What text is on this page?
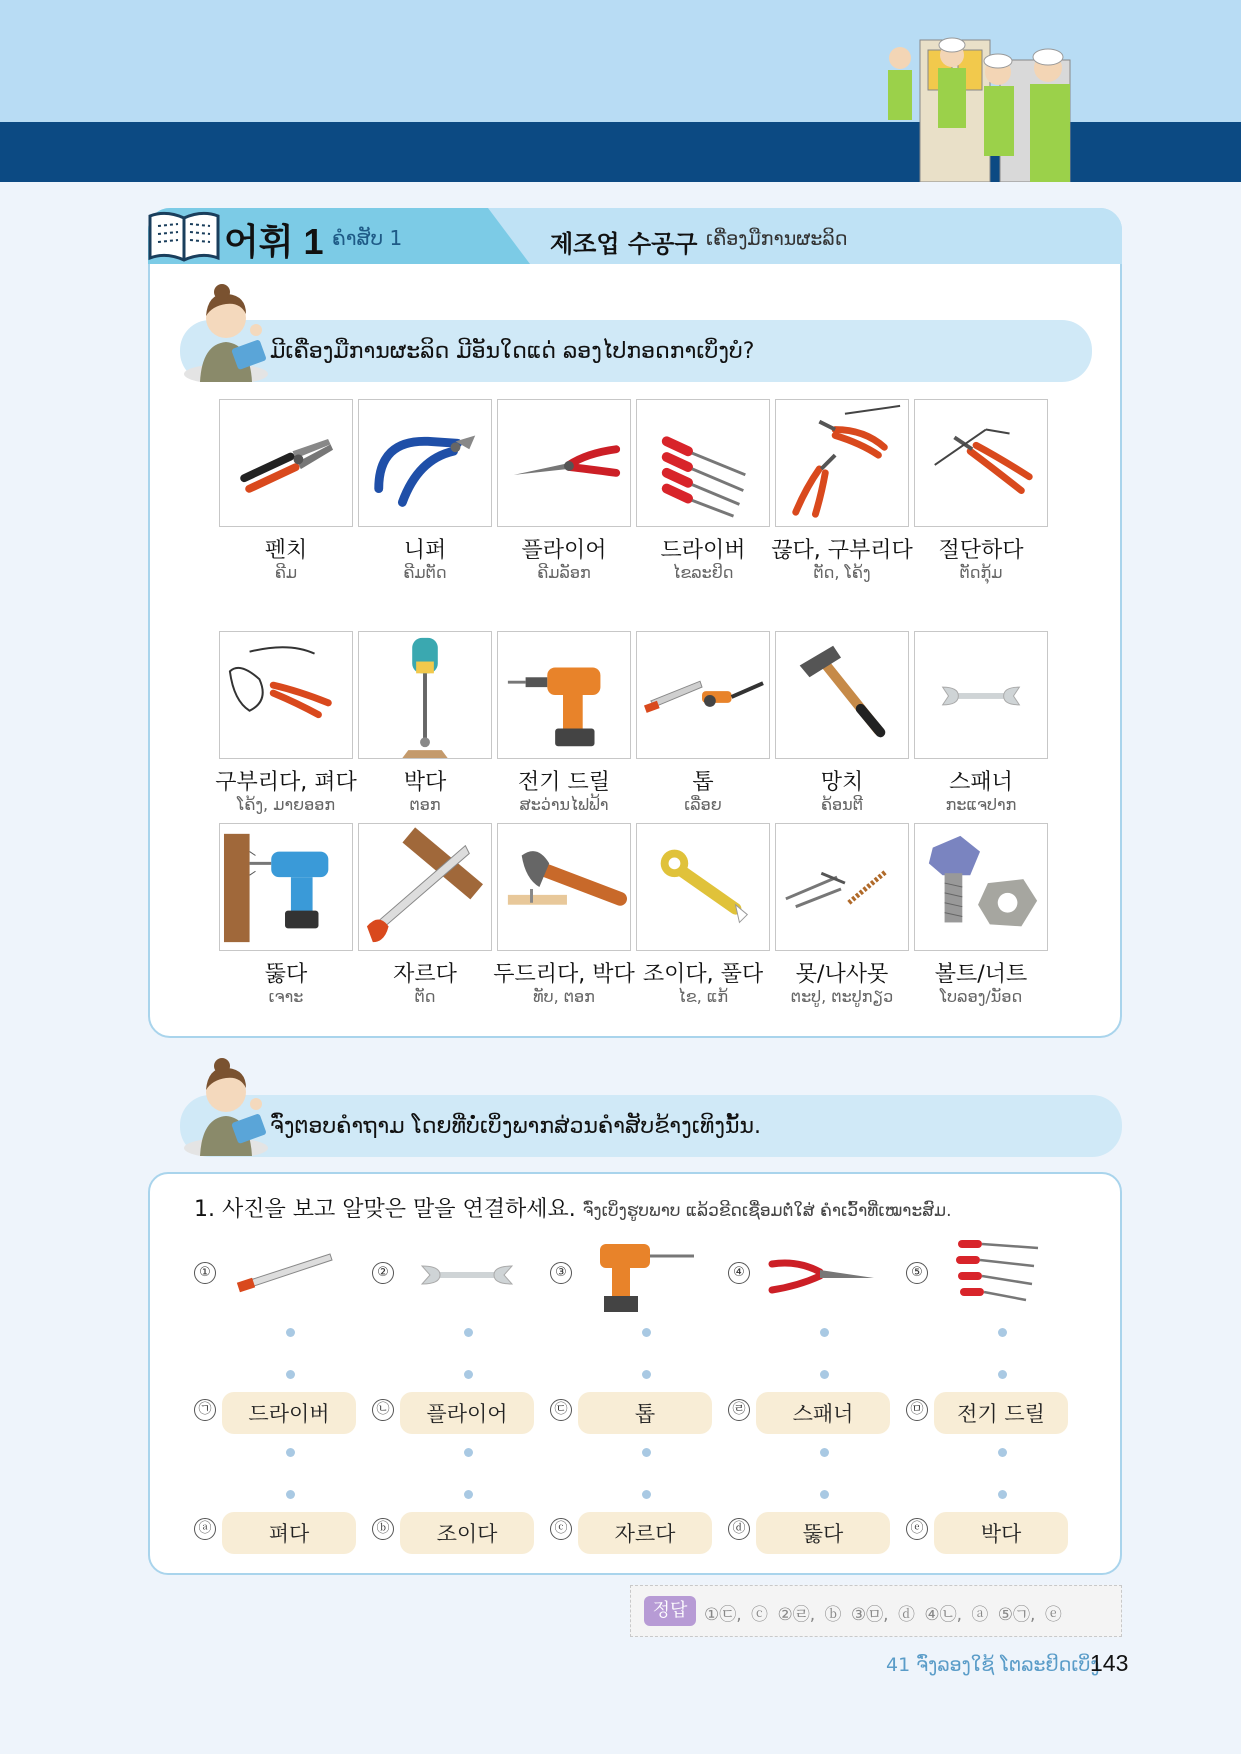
어휘 1 ຄຳສັບ 1	제조업 수공구 ເຄື່ອງມືການຜະລິດ
ມີເຄື່ອງມືການຜະລິດ ມີອັນໃດແດ່ ລອງໄປກອດກາເບິ່ງບໍ?
펜치
ຄີມ
니퍼
ຄີມຕັດ
플라이어
ຄີມລັອກ
드라이버
ໄຂລະຢິດ
끊다, 구부리다
ຕັດ, ໂຄ້ງ
절단하다
ຕັດກຸ້ມ
구부리다, 펴다
ໂຄ້ງ, ມາຍອອກ
박다
ຕອກ
전기 드릴
ສະວ່ານໄຟຟ້າ
톱
ເລື່ອຍ
망치
ຄ້ອນຕີ
스패너
ກະແຈປາກ
뚫다
ເຈາະ
자르다
ຕັດ
두드리다, 박다
ທັບ, ຕອກ
조이다, 풀다
ໄຂ, ແກ້
못/나사못
ຕະປູ, ຕະປູກຽວ
볼트/너트
ໂບລອງ/ນັອດ
ຈົ່ງຕອບຄຳຖາມ ໂດຍທີ່ບໍ່ເບິ່ງພາກສ່ວນຄຳສັບຂ້າງເທິງນັ້ນ.
1. 사진을 보고 알맞은 말을 연결하세요. ຈົ່ງເບິ່ງຮູບພາບ ແລ້ວຂີດເຊື່ອມຕໍ່ໃສ່ ຄຳເວົ້າທີ່ເໝາະສົມ.
①	②	③	④	⑤
㉠	드라이버	㉡	플라이어	㉢	톱	㉣	스패너	㉤	전기 드릴
ⓐ	펴다	ⓑ	조이다	ⓒ	자르다	ⓓ	뚫다	ⓔ	박다
정답 ①㉢, ⓒ ②㉣, ⓑ ③㉤, ⓓ ④㉡, ⓐ ⑤㉠, ⓔ
41 ຈົ່ງລອງໃຊ້ ໂຕລະຢິດເບິ່ງ
143
